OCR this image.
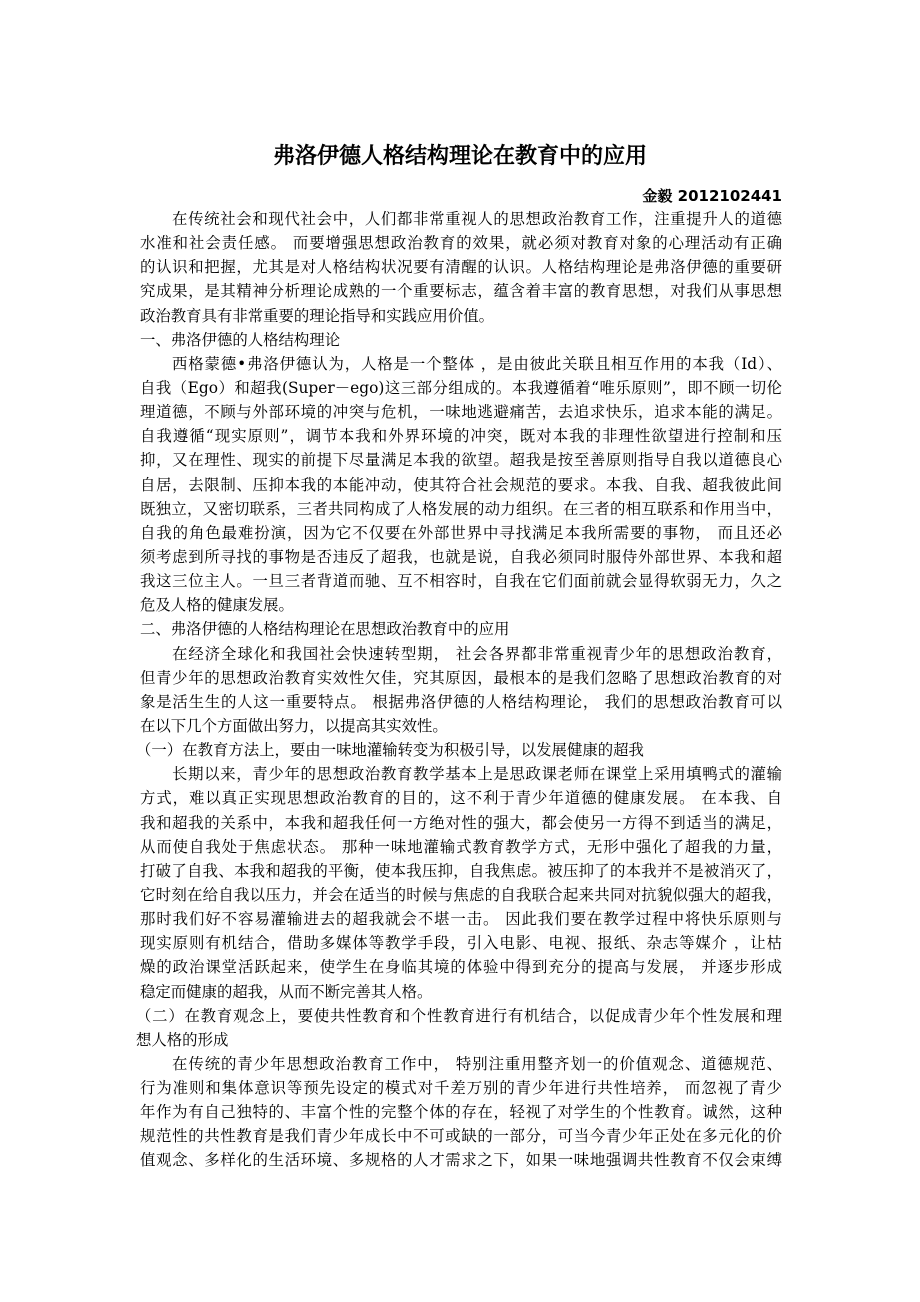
弗洛伊德人格结构理论在教育中的应用
金毅 2012102441
在传统社会和现代社会中，人们都非常重视人的思想政治教育工作，注重提升人的道德
水准和社会责任感。 而要增强思想政治教育的效果，就必须对教育对象的心理活动有正确
的认识和把握，尤其是对人格结构状况要有清醒的认识。人格结构理论是弗洛伊德的重要研
究成果，是其精神分析理论成熟的一个重要标志，蕴含着丰富的教育思想，对我们从事思想
政治教育具有非常重要的理论指导和实践应用价值。
一、弗洛伊德的人格结构理论
西格蒙德•弗洛伊德认为，人格是一个整体 ，是由彼此关联且相互作用的本我（Id）、
自我（Ego）和超我(Super－ego)这三部分组成的。本我遵循着“唯乐原则”，即不顾一切伦
理道德，不顾与外部环境的冲突与危机，一味地逃避痛苦，去追求快乐，追求本能的满足。
自我遵循“现实原则”，调节本我和外界环境的冲突，既对本我的非理性欲望进行控制和压
抑，又在理性、现实的前提下尽量满足本我的欲望。超我是按至善原则指导自我以道德良心
自居，去限制、压抑本我的本能冲动，使其符合社会规范的要求。本我、自我、超我彼此间
既独立，又密切联系，三者共同构成了人格发展的动力组织。在三者的相互联系和作用当中，
自我的角色最难扮演，因为它不仅要在外部世界中寻找满足本我所需要的事物， 而且还必
须考虑到所寻找的事物是否违反了超我，也就是说，自我必须同时服侍外部世界、本我和超
我这三位主人。一旦三者背道而驰、互不相容时，自我在它们面前就会显得软弱无力，久之
危及人格的健康发展。
二、弗洛伊德的人格结构理论在思想政治教育中的应用
在经济全球化和我国社会快速转型期， 社会各界都非常重视青少年的思想政治教育，
但青少年的思想政治教育实效性欠佳，究其原因，最根本的是我们忽略了思想政治教育的对
象是活生生的人这一重要特点。 根据弗洛伊德的人格结构理论， 我们的思想政治教育可以
在以下几个方面做出努力，以提高其实效性。
（一）在教育方法上，要由一味地灌输转变为积极引导，以发展健康的超我
长期以来，青少年的思想政治教育教学基本上是思政课老师在课堂上采用填鸭式的灌输
方式，难以真正实现思想政治教育的目的，这不利于青少年道德的健康发展。 在本我、自
我和超我的关系中，本我和超我任何一方绝对性的强大，都会使另一方得不到适当的满足，
从而使自我处于焦虑状态。 那种一味地灌输式教育教学方式，无形中强化了超我的力量，
打破了自我、本我和超我的平衡，使本我压抑，自我焦虑。被压抑了的本我并不是被消灭了，
它时刻在给自我以压力，并会在适当的时候与焦虑的自我联合起来共同对抗貌似强大的超我，
那时我们好不容易灌输进去的超我就会不堪一击。 因此我们要在教学过程中将快乐原则与
现实原则有机结合，借助多媒体等教学手段，引入电影、电视、报纸、杂志等媒介 ，让枯
燥的政治课堂活跃起来，使学生在身临其境的体验中得到充分的提高与发展， 并逐步形成
稳定而健康的超我，从而不断完善其人格。
（二）在教育观念上，要使共性教育和个性教育进行有机结合，以促成青少年个性发展和理
想人格的形成
在传统的青少年思想政治教育工作中， 特别注重用整齐划一的价值观念、道德规范、
行为准则和集体意识等预先设定的模式对千差万别的青少年进行共性培养， 而忽视了青少
年作为有自己独特的、丰富个性的完整个体的存在，轻视了对学生的个性教育。诚然，这种
规范性的共性教育是我们青少年成长中不可或缺的一部分，可当今青少年正处在多元化的价
值观念、多样化的生活环境、多规格的人才需求之下，如果一味地强调共性教育不仅会束缚
